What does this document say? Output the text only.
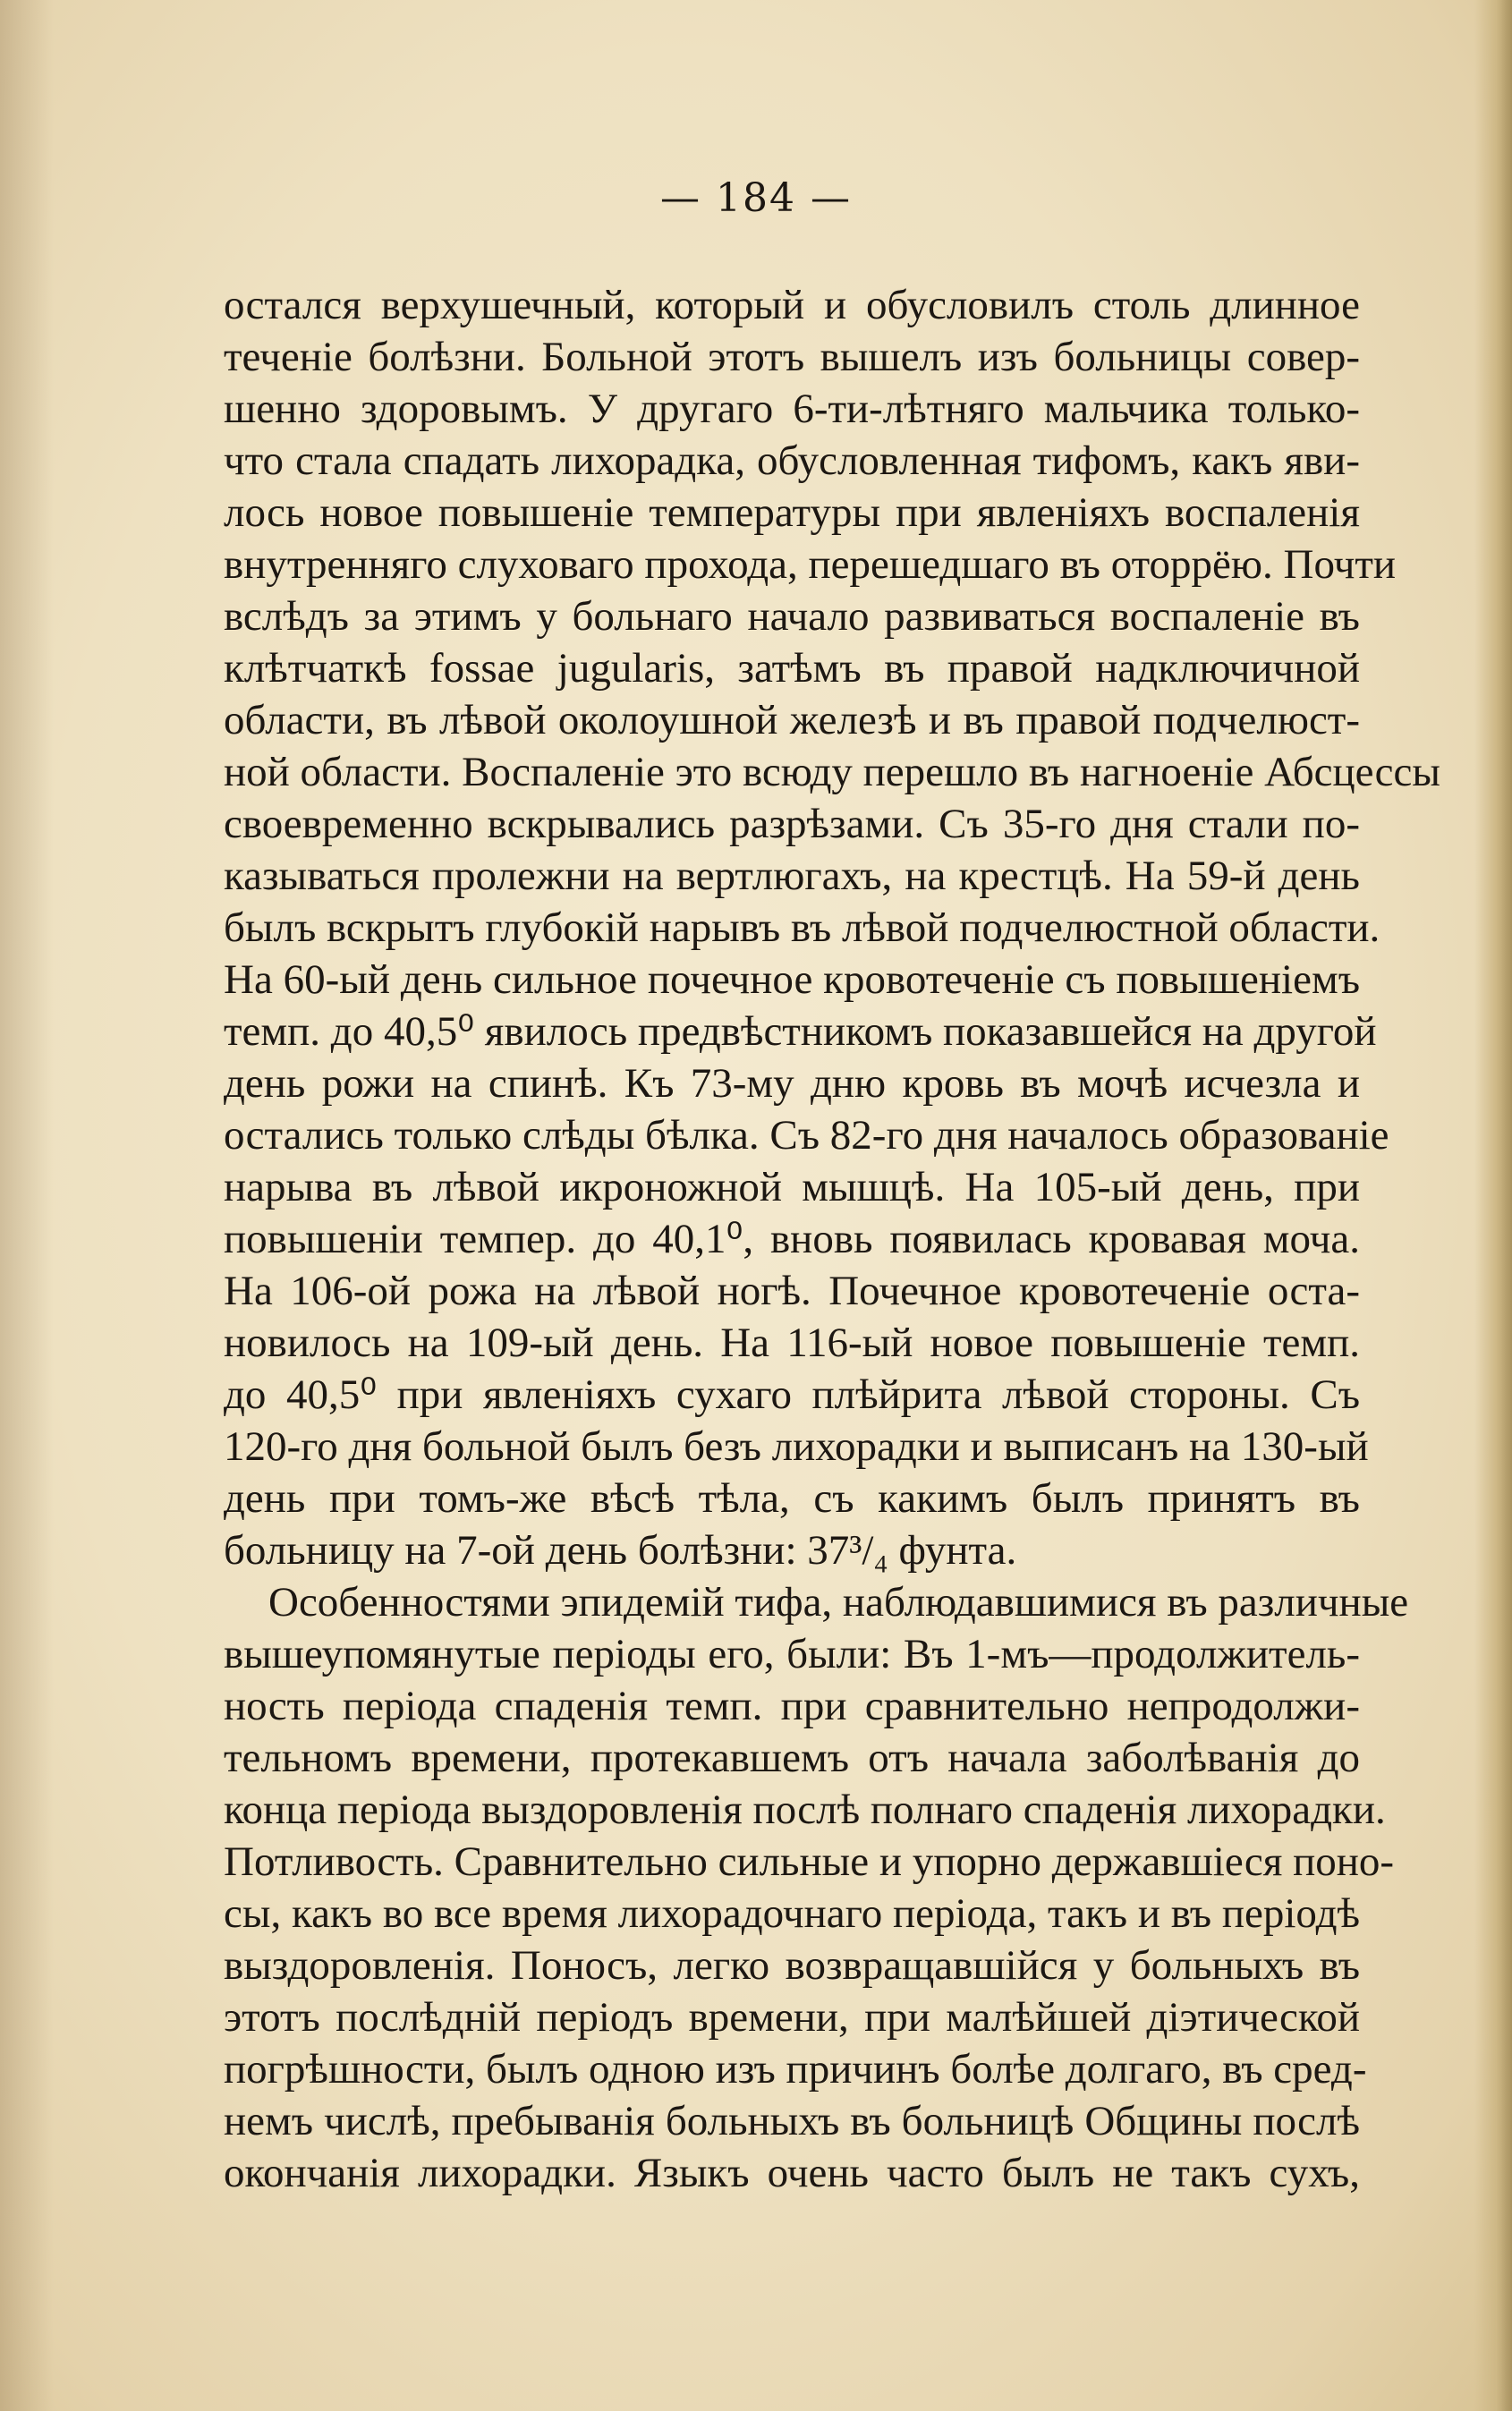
— 184 —
остался верхушечный, который и обусловилъ столь длинное
теченіе болѣзни. Больной этотъ вышелъ изъ больницы совер-
шенно здоровымъ. У другаго 6-ти-лѣтняго мальчика только-
что стала спадать лихорадка, обусловленная тифомъ, какъ яви-
лось новое повышеніе температуры при явленіяхъ воспаленія
внутренняго слуховаго прохода, перешедшаго въ оторрёю. Почти
вслѣдъ за этимъ у больнаго начало развиваться воспаленіе въ
клѣтчаткѣ fossae jugularis, затѣмъ въ правой надключичной
области, въ лѣвой околоушной железѣ и въ правой подчелюст-
ной области. Воспаленіе это всюду перешло въ нагноеніе Абсцессы
своевременно вскрывались разрѣзами. Съ 35-го дня стали по-
казываться пролежни на вертлюгахъ, на крестцѣ. На 59-й день
былъ вскрытъ глубокій нарывъ въ лѣвой подчелюстной области.
На 60-ый день сильное почечное кровотеченіе съ повышеніемъ
темп. до 40,5⁰ явилось предвѣстникомъ показавшейся на другой
день рожи на спинѣ. Къ 73-му дню кровь въ мочѣ исчезла и
остались только слѣды бѣлка. Съ 82-го дня началось образованіе
нарыва въ лѣвой икроножной мышцѣ. На 105-ый день, при
повышеніи темпер. до 40,1⁰, вновь появилась кровавая моча.
На 106-ой рожа на лѣвой ногѣ. Почечное кровотеченіе оста-
новилось на 109-ый день. На 116-ый новое повышеніе темп.
до 40,5⁰ при явленіяхъ сухаго плѣйрита лѣвой стороны. Съ
120-го дня больной былъ безъ лихорадки и выписанъ на 130-ый
день при томъ-же вѣсѣ тѣла, съ какимъ былъ принятъ въ
больницу на 7-ой день болѣзни: 37³/₄ фунта.
Особенностями эпидемій тифа, наблюдавшимися въ различные
вышеупомянутые періоды его, были: Въ 1-мъ—продолжитель-
ность періода спаденія темп. при сравнительно непродолжи-
тельномъ времени, протекавшемъ отъ начала заболѣванія до
конца періода выздоровленія послѣ полнаго спаденія лихорадки.
Потливость. Сравнительно сильные и упорно державшіеся поно-
сы, какъ во все время лихорадочнаго періода, такъ и въ періодѣ
выздоровленія. Поносъ, легко возвращавшійся у больныхъ въ
этотъ послѣдній періодъ времени, при малѣйшей діэтической
погрѣшности, былъ одною изъ причинъ болѣе долгаго, въ сред-
немъ числѣ, пребыванія больныхъ въ больницѣ Общины послѣ
окончанія лихорадки. Языкъ очень часто былъ не такъ сухъ,
